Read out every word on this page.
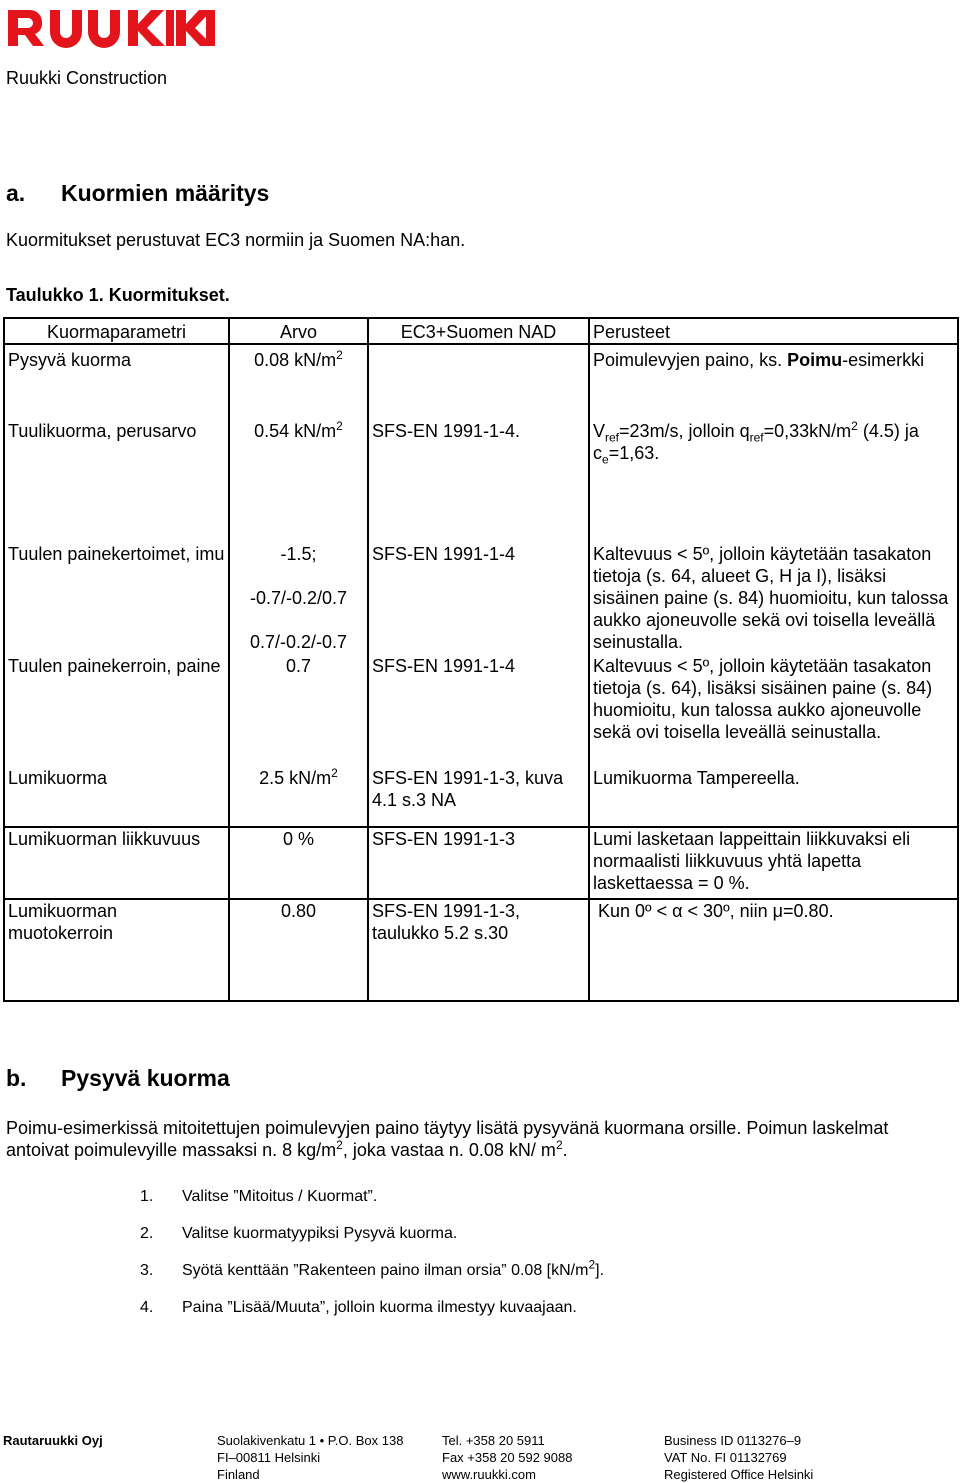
Ruukki Construction
a. Kuormien määritys
Kuormitukset perustuvat EC3 normiin ja Suomen NA:han.
Taulukko 1. Kuormitukset.
Kuormaparametri	Arvo	EC3+Suomen NAD	Perusteet
Pysyvä kuorma	0.08 $kN/m^2$		Poimulevyjen paino, ks. Poimu-esimerkki
Tuulikuorma, perusarvo	0.54 $kN/m^2$	SFS-EN 1991-1-4.	$V_{ref}=23m/s$, jolloin $q_{ref}=0,33kN/m^2$ (4.5) ja
$c_e=1,63$.
Tuulen painekertoimet, imu	-1.5;
-0.7/-0.2/0.7
0.7/-0.2/-0.7	SFS-EN 1991-1-4	Kaltevuus < 5º, jolloin käytetään tasakaton tietoja (s. 64, alueet G, H ja I), lisäksi sisäinen paine (s. 84) huomioitu, kun talossa aukko ajoneuvolle sekä ovi toisella leveällä seinustalla.
Tuulen painekerroin, paine	0.7	SFS-EN 1991-1-4	Kaltevuus < 5º, jolloin käytetään tasakaton tietoja (s. 64), lisäksi sisäinen paine (s. 84) huomioitu, kun talossa aukko ajoneuvolle sekä ovi toisella leveällä seinustalla.
Lumikuorma	2.5 $kN/m^2$	SFS-EN 1991-1-3, kuva 4.1 s.3 NA	Lumikuorma Tampereella.
Lumikuorman liikkuvuus	0 %	SFS-EN 1991-1-3	Lumi lasketaan lappeittain liikkuvaksi eli normaalisti liikkuvuus yhtä lapetta laskettaessa = 0 %.
Lumikuorman muotokerroin	0.80	SFS-EN 1991-1-3, taulukko 5.2 s.30	Kun 0º < α < 30º, niin μ=0.80.
b. Pysyvä kuorma
Poimu-esimerkissä mitoitettujen poimulevyjen paino täytyy lisätä pysyvänä kuormana orsille. Poimun laskelmat antoivat poimulevyille massaksi n. 8 $kg/m^2$, joka vastaa n. 0.08 kN/ $m^2$.
1. Valitse ”Mitoitus / Kuormat”.
2. Valitse kuormatyypiksi Pysyvä kuorma.
3. Syötä kenttään ”Rakenteen paino ilman orsia” 0.08 $[kN/m^2]$.
4. Paina ”Lisää/Muuta”, jolloin kuorma ilmestyy kuvaajaan.
Rautaruukki Oyj	Suolakivenkatu 1 • P.O. Box 138
FI–00811 Helsinki
Finland
Tel. +358 20 5911
Fax +358 20 592 9088
www.ruukki.com
Business ID 0113276–9
VAT No. FI 01132769
Registered Office Helsinki
